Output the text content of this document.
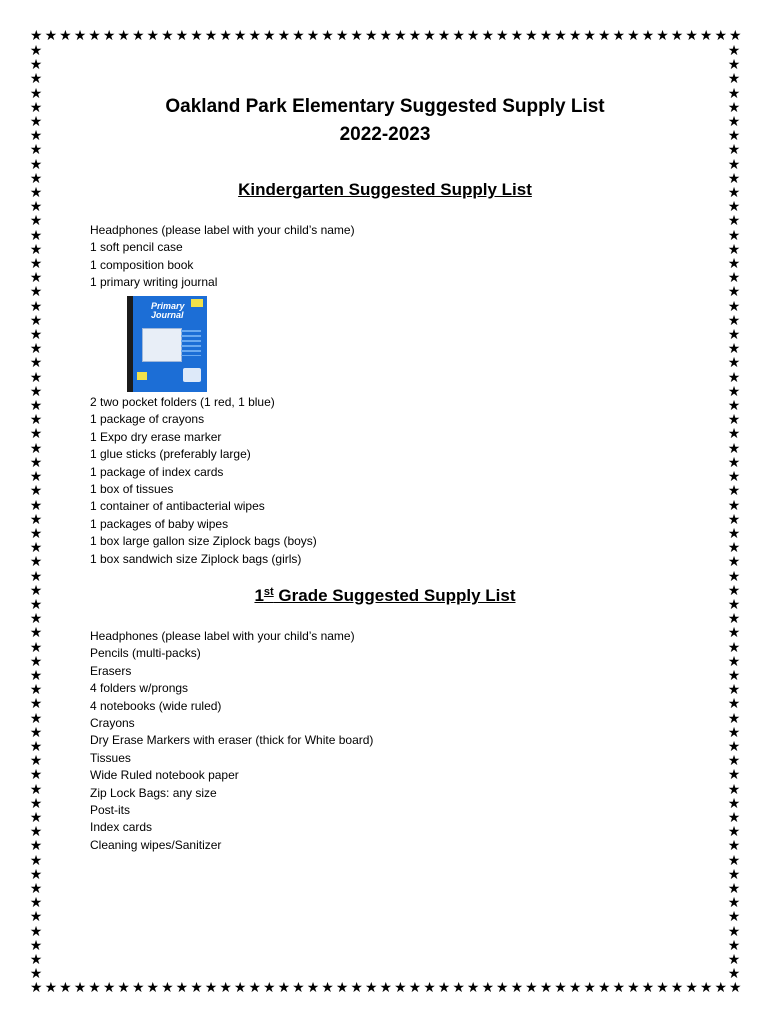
★ ★ ★ ★ ★ ★ ★ ★ ★ ★ ★ ★ ★ ★ ★ ★ ★ ★ ★ ★ ★ ★ ★ ★ ★ ★ ★ ★ ★ ★ ★ ★ ★ ★ ★ ★ ★ ★ ★ ★ ★ ★ ★ ★ ★ ★ ★ ★ ★
★ ★ ★ ★ ★ ★ ★ ★ ★ ★ ★ ★ ★ ★ ★ ★ ★ ★ ★ ★ ★ ★ ★ ★ ★ ★ ★ ★ ★ ★ ★ ★ ★ ★ ★ ★ ★ ★ ★ ★ ★ ★ ★ ★ ★ ★ ★ ★ ★
★
★
★
★
★
★
★
★
★
★
★
★
★
★
★
★
★
★
★
★
★
★
★
★
★
★
★
★
★
★
★
★
★
★
★
★
★
★
★
★
★
★
★
★
★
★
★
★
★
★
★
★
★
★
★
★
★
★
★
★
★
★
★
★
★
★
★
★
★
★
★
★
★
★
★
★
★
★
★
★
★
★
★
★
★
★
★
★
★
★
★
★
★
★
★
★
★
★
★
★
★
★
★
★
★
★
★
★
★
★
★
★
★
★
★
★
★
★
★
★
★
★
★
★
★
★
★
★
★
★
★
★
Oakland Park Elementary Suggested Supply List
2022-2023
Kindergarten Suggested Supply List
Headphones (please label with your child’s name)
1 soft pencil case
1 composition book
1 primary writing journal
Primary Journal
2 two pocket folders (1 red, 1 blue)
1 package of crayons
1 Expo dry erase marker
1 glue sticks (preferably large)
1 package of index cards
1 box of tissues
1 container of antibacterial wipes
1 packages of baby wipes
1 box large gallon size Ziplock bags (boys)
1 box sandwich size Ziplock bags (girls)
1st Grade Suggested Supply List
Headphones (please label with your child’s name)
Pencils (multi-packs)
Erasers
4 folders w/prongs
4 notebooks (wide ruled)
Crayons
Dry Erase Markers with eraser (thick for White board)
Tissues
Wide Ruled notebook paper
Zip Lock Bags: any size
Post-its
Index cards
Cleaning wipes/Sanitizer
